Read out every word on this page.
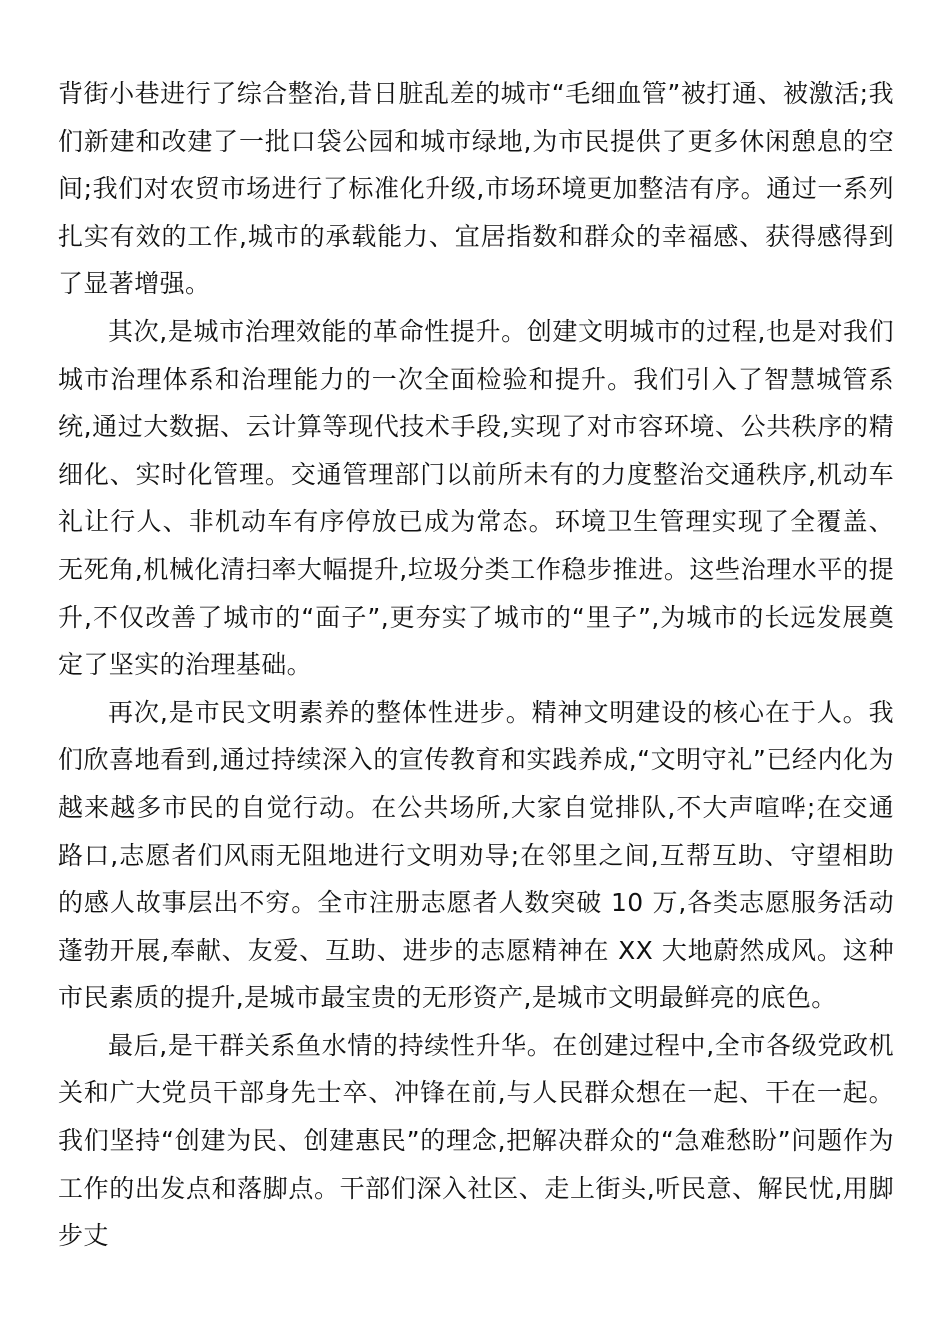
背街小巷进行了综合整治,昔日脏乱差的城市“毛细血管”被打通、被激活;我们新建和改建了一批口袋公园和城市绿地,为市民提供了更多休闲憩息的空间;我们对农贸市场进行了标准化升级,市场环境更加整洁有序。通过一系列扎实有效的工作,城市的承载能力、宜居指数和群众的幸福感、获得感得到了显著增强。

其次,是城市治理效能的革命性提升。创建文明城市的过程,也是对我们城市治理体系和治理能力的一次全面检验和提升。我们引入了智慧城管系统,通过大数据、云计算等现代技术手段,实现了对市容环境、公共秩序的精细化、实时化管理。交通管理部门以前所未有的力度整治交通秩序,机动车礼让行人、非机动车有序停放已成为常态。环境卫生管理实现了全覆盖、无死角,机械化清扫率大幅提升,垃圾分类工作稳步推进。这些治理水平的提升,不仅改善了城市的“面子”,更夯实了城市的“里子”,为城市的长远发展奠定了坚实的治理基础。

再次,是市民文明素养的整体性进步。精神文明建设的核心在于人。我们欣喜地看到,通过持续深入的宣传教育和实践养成,“文明守礼”已经内化为越来越多市民的自觉行动。在公共场所,大家自觉排队,不大声喧哗;在交通路口,志愿者们风雨无阻地进行文明劝导;在邻里之间,互帮互助、守望相助的感人故事层出不穷。全市注册志愿者人数突破 10 万,各类志愿服务活动蓬勃开展,奉献、友爱、互助、进步的志愿精神在 XX 大地蔚然成风。这种市民素质的提升,是城市最宝贵的无形资产,是城市文明最鲜亮的底色。

最后,是干群关系鱼水情的持续性升华。在创建过程中,全市各级党政机关和广大党员干部身先士卒、冲锋在前,与人民群众想在一起、干在一起。我们坚持“创建为民、创建惠民”的理念,把解决群众的“急难愁盼”问题作为工作的出发点和落脚点。干部们深入社区、走上街头,听民意、解民忧,用脚步丈
